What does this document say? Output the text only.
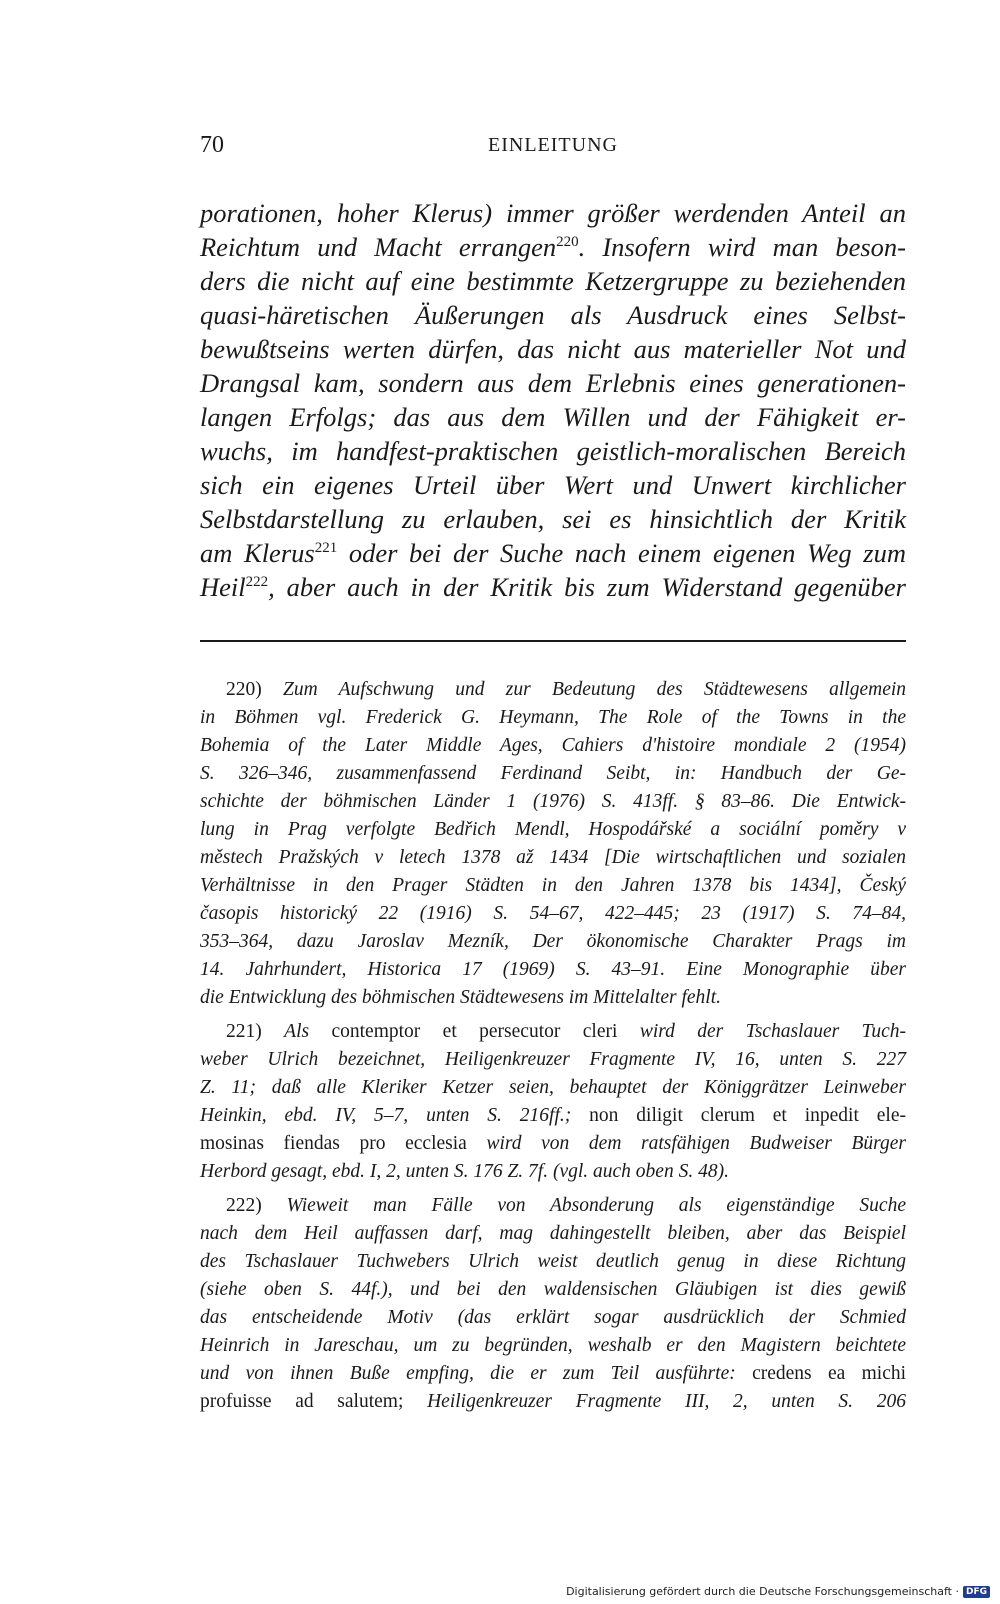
70	EINLEITUNG
porationen, hoher Klerus) immer größer werdenden Anteil an
Reichtum und Macht errangen$^{220}$. Insofern wird man beson-
ders die nicht auf eine bestimmte Ketzergruppe zu beziehenden
quasi-häretischen Äußerungen als Ausdruck eines Selbst-
bewußtseins werten dürfen, das nicht aus materieller Not und
Drangsal kam, sondern aus dem Erlebnis eines generationen-
langen Erfolgs; das aus dem Willen und der Fähigkeit er-
wuchs, im handfest-praktischen geistlich-moralischen Bereich
sich ein eigenes Urteil über Wert und Unwert kirchlicher
Selbstdarstellung zu erlauben, sei es hinsichtlich der Kritik
am Klerus$^{221}$ oder bei der Suche nach einem eigenen Weg zum
Heil$^{222}$, aber auch in der Kritik bis zum Widerstand gegenüber
220) Zum Aufschwung und zur Bedeutung des Städtewesens allgemein
in Böhmen vgl. Frederick G. Heymann, The Role of the Towns in the
Bohemia of the Later Middle Ages, Cahiers d'histoire mondiale 2 (1954)
S. 326–346, zusammenfassend Ferdinand Seibt, in: Handbuch der Ge-
schichte der böhmischen Länder 1 (1976) S. 413ff. § 83–86. Die Entwick-
lung in Prag verfolgte Bedřich Mendl, Hospodářské a sociální poměry v
městech Pražských v letech 1378 až 1434 [Die wirtschaftlichen und sozialen
Verhältnisse in den Prager Städten in den Jahren 1378 bis 1434], Český
časopis historický 22 (1916) S. 54–67, 422–445; 23 (1917) S. 74–84,
353–364, dazu Jaroslav Mezník, Der ökonomische Charakter Prags im
14. Jahrhundert, Historica 17 (1969) S. 43–91. Eine Monographie über
die Entwicklung des böhmischen Städtewesens im Mittelalter fehlt.
221) Als contemptor et persecutor cleri wird der Tschaslauer Tuch-
weber Ulrich bezeichnet, Heiligenkreuzer Fragmente IV, 16, unten S. 227
Z. 11; daß alle Kleriker Ketzer seien, behauptet der Königgrätzer Leinweber
Heinkin, ebd. IV, 5–7, unten S. 216ff.; non diligit clerum et inpedit ele-
mosinas fiendas pro ecclesia wird von dem ratsfähigen Budweiser Bürger
Herbord gesagt, ebd. I, 2, unten S. 176 Z. 7f. (vgl. auch oben S. 48).
222) Wieweit man Fälle von Absonderung als eigenständige Suche
nach dem Heil auffassen darf, mag dahingestellt bleiben, aber das Beispiel
des Tschaslauer Tuchwebers Ulrich weist deutlich genug in diese Richtung
(siehe oben S. 44f.), und bei den waldensischen Gläubigen ist dies gewiß
das entscheidende Motiv (das erklärt sogar ausdrücklich der Schmied
Heinrich in Jareschau, um zu begründen, weshalb er den Magistern beichtete
und von ihnen Buße empfing, die er zum Teil ausführte: credens ea michi
profuisse ad salutem; Heiligenkreuzer Fragmente III, 2, unten S. 206
Digitalisierung gefördert durch die Deutsche Forschungsgemeinschaft · DFG
